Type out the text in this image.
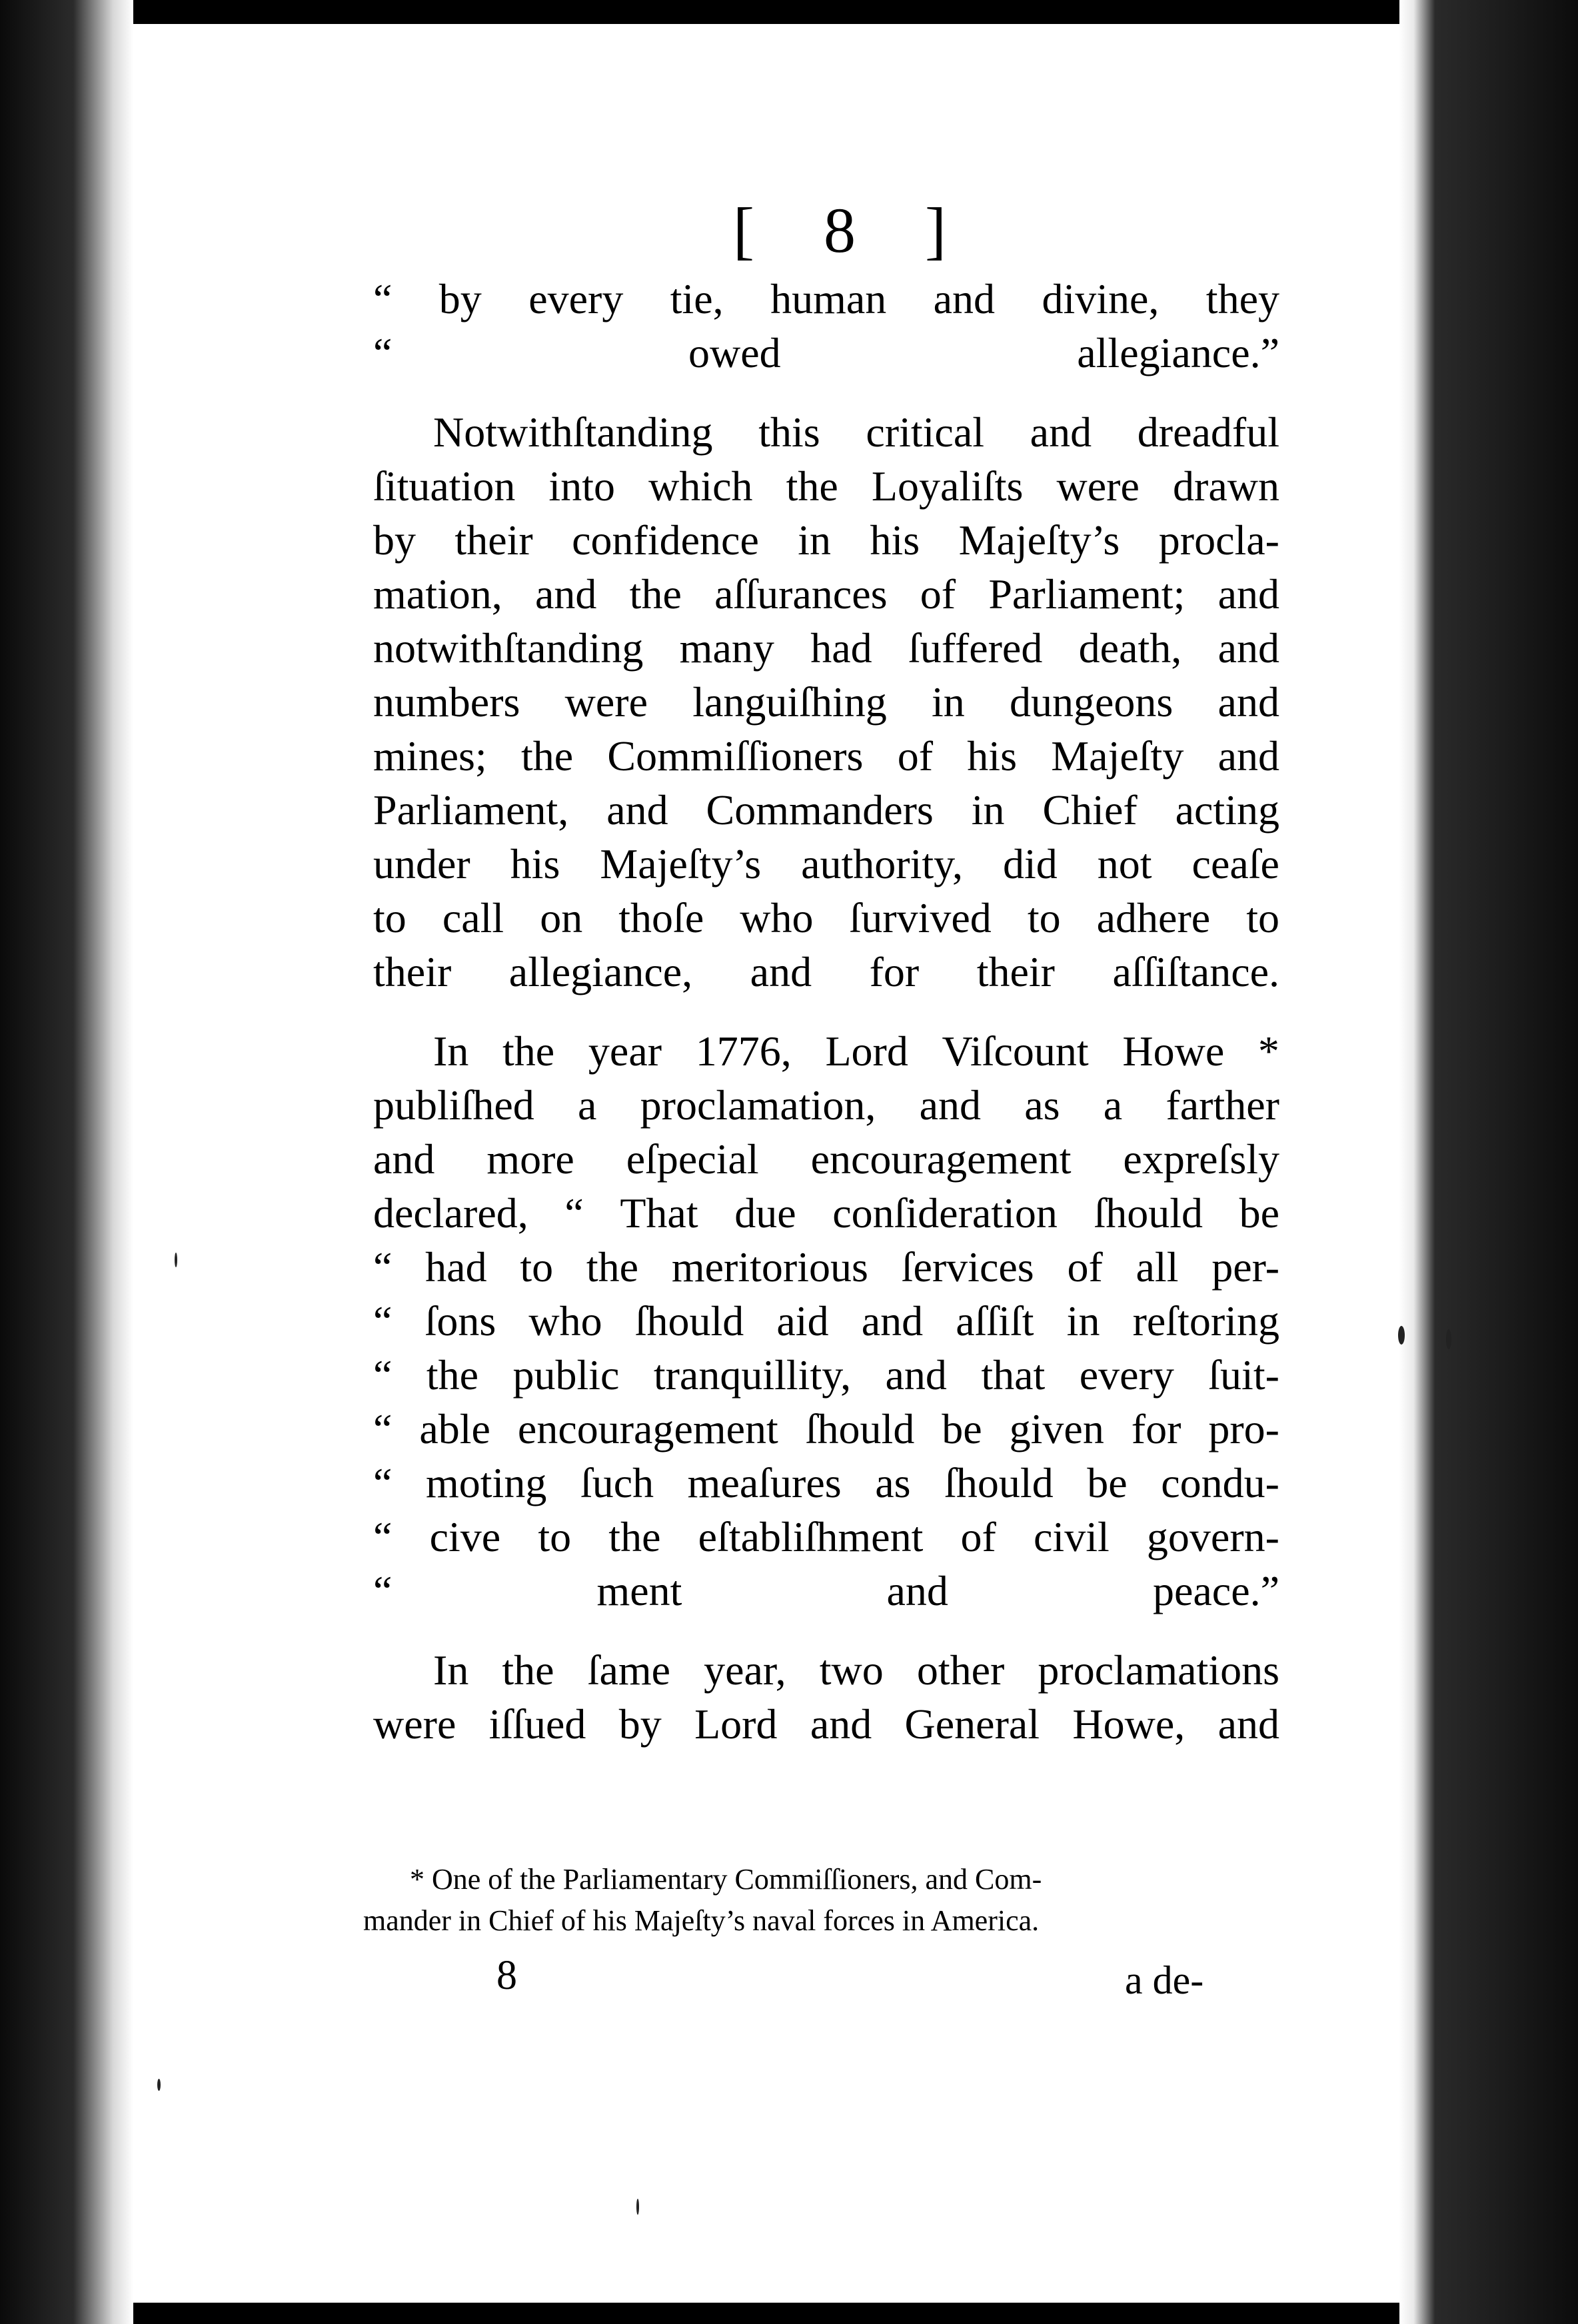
[ 8 ]
“ by every tie, human and divine, they
“ owed allegiance.”
Notwithſtanding this critical and dreadful
ſituation into which the Loyaliſts were drawn
by their confidence in his Majeſty’s procla-
mation, and the aſſurances of Parliament; and
notwithſtanding many had ſuffered death, and
numbers were languiſhing in dungeons and
mines; the Commiſſioners of his Majeſty and
Parliament, and Commanders in Chief acting
under his Majeſty’s authority, did not ceaſe
to call on thoſe who ſurvived to adhere to
their allegiance, and for their aſſiſtance.
In the year 1776, Lord Viſcount Howe *
publiſhed a proclamation, and as a farther
and more eſpecial encouragement expreſsly
declared, “ That due conſideration ſhould be
“ had to the meritorious ſervices of all per-
“ ſons who ſhould aid and aſſiſt in reſtoring
“ the public tranquillity, and that every ſuit-
“ able encouragement ſhould be given for pro-
“ moting ſuch meaſures as ſhould be condu-
“ cive to the eſtabliſhment of civil govern-
“ ment and peace.”
In the ſame year, two other proclamations
were iſſued by Lord and General Howe, and
* One of the Parliamentary Commiſſioners, and Com-
mander in Chief of his Majeſty’s naval forces in America.
8	a de-
